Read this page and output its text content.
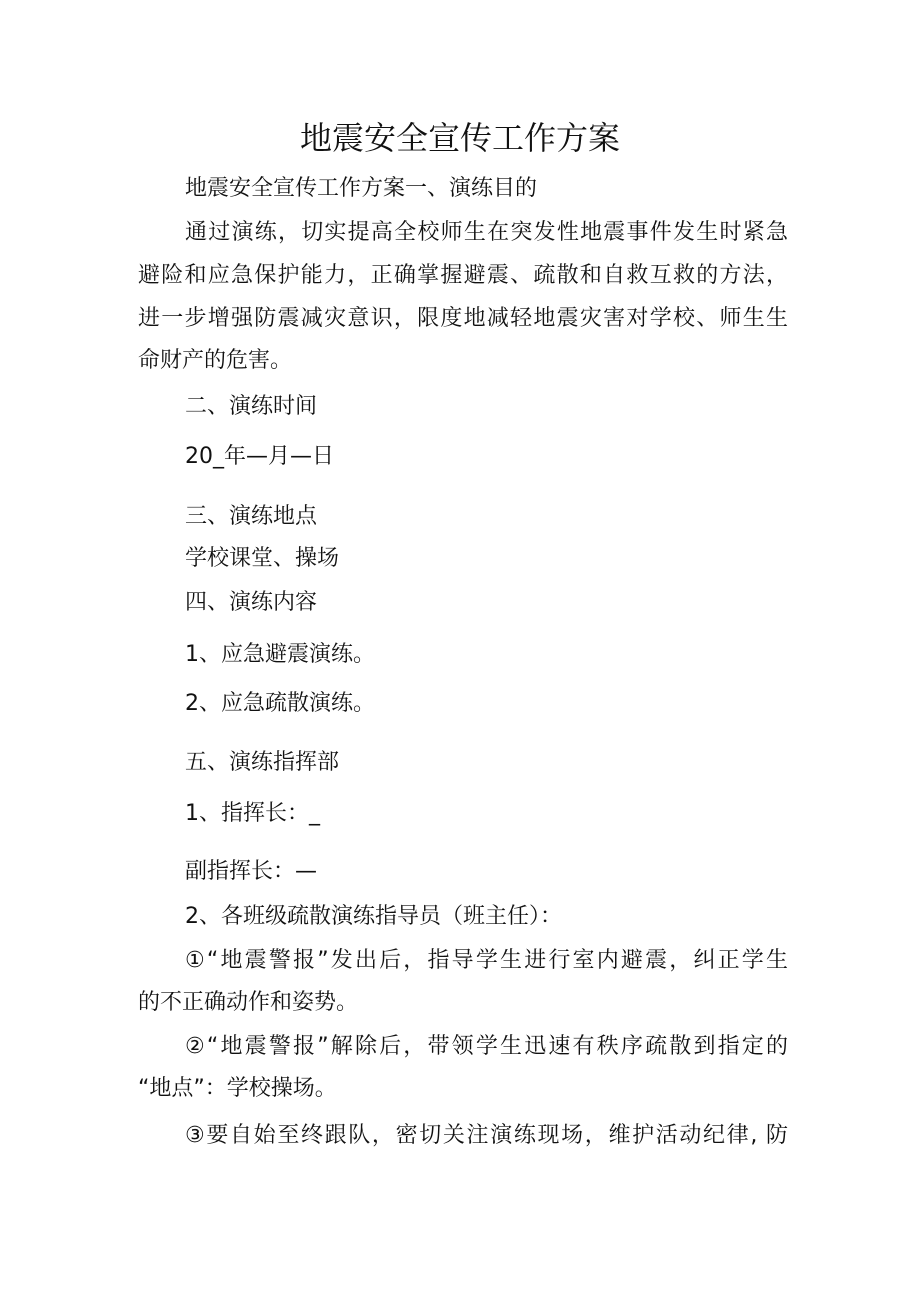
地震安全宣传工作方案
地震安全宣传工作方案一、演练目的
通过演练，切实提高全校师生在突发性地震事件发生时紧急
避险和应急保护能力，正确掌握避震、疏散和自救互救的方法，
进一步增强防震减灾意识，限度地减轻地震灾害对学校、师生生
命财产的危害。
二、演练时间
20_年—月—日
三、演练地点
学校课堂、操场
四、演练内容
1、应急避震演练。
2、应急疏散演练。
五、演练指挥部
1、指挥长：_
副指挥长：—
2、各班级疏散演练指导员（班主任）：
①“地震警报”发出后，指导学生进行室内避震，纠正学生
的不正确动作和姿势。
②“地震警报”解除后，带领学生迅速有秩序疏散到指定的
“地点”：学校操场。
③要自始至终跟队，密切关注演练现场，维护活动纪律, 防
